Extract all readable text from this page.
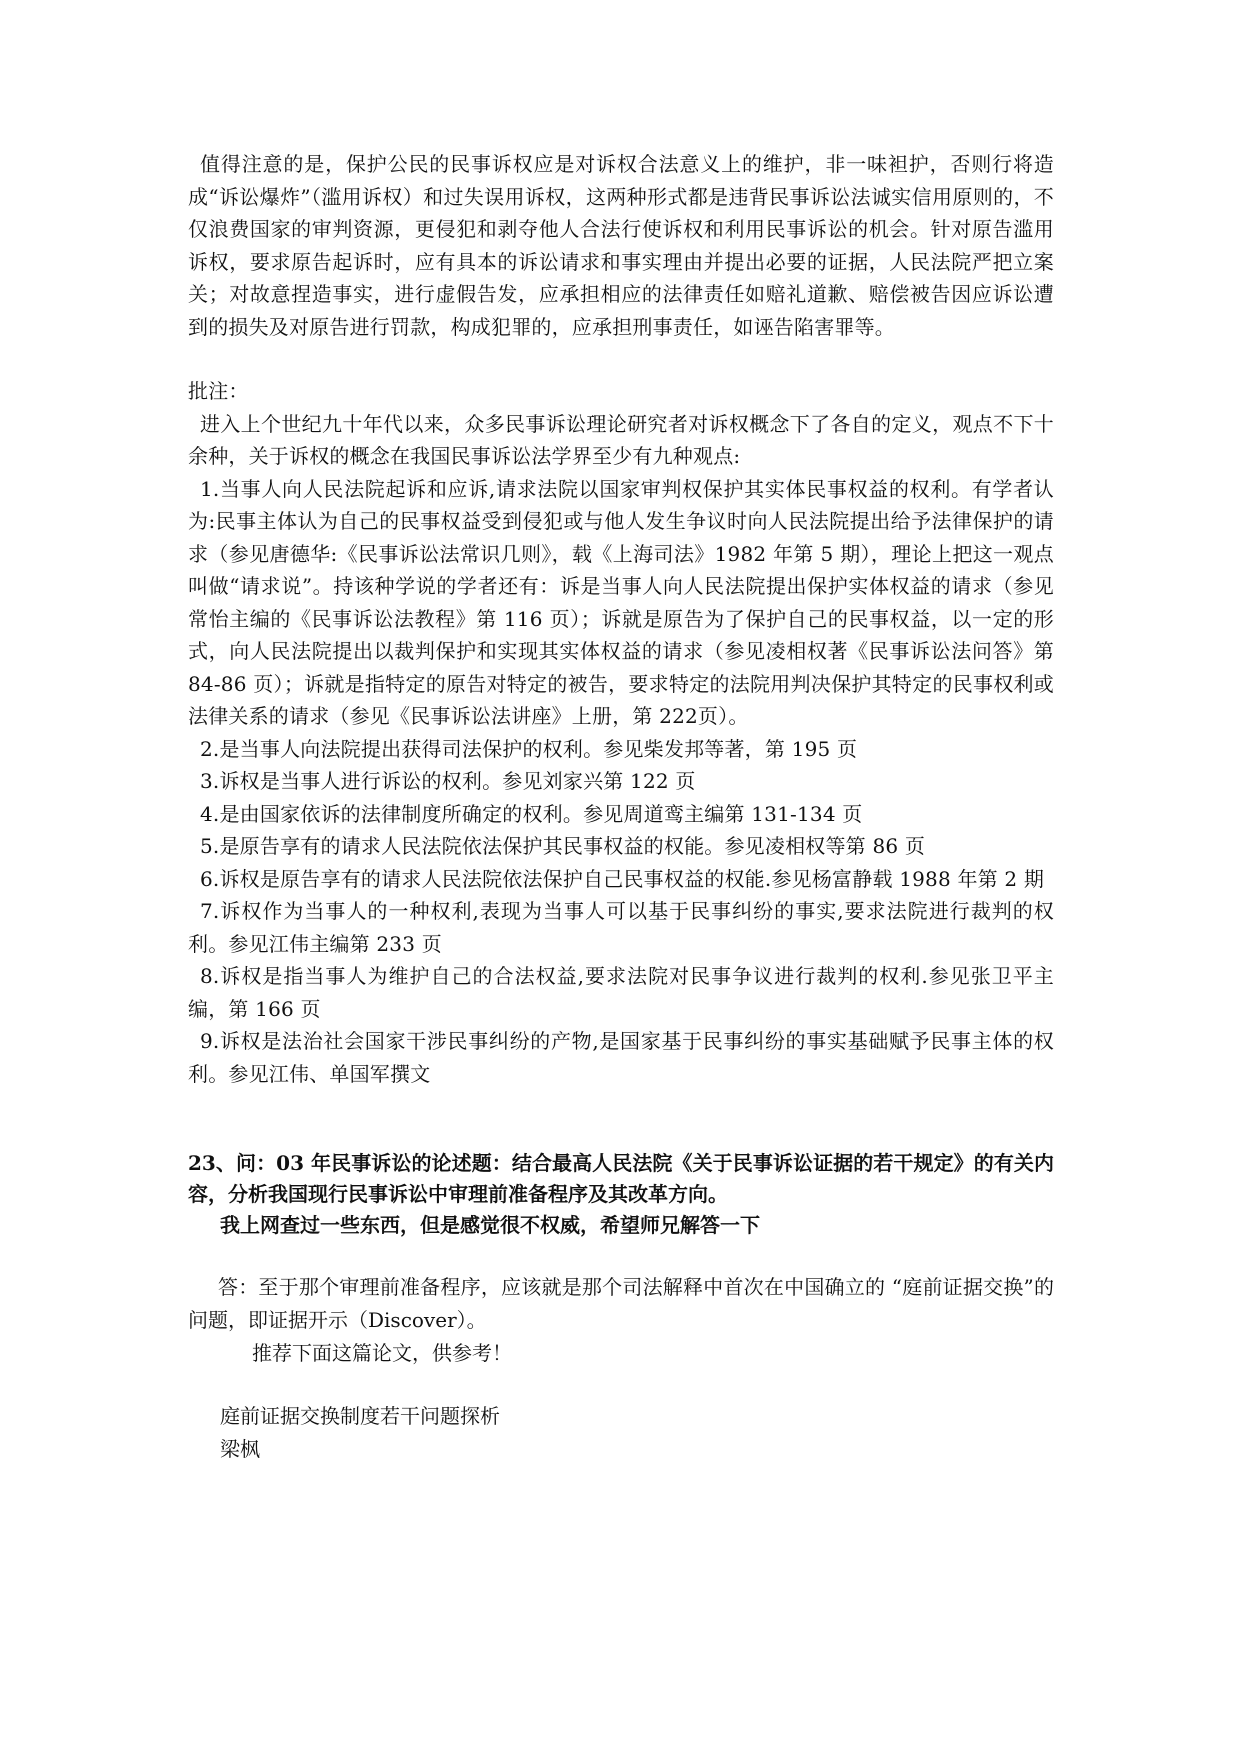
值得注意的是，保护公民的民事诉权应是对诉权合法意义上的维护，非一味袒护，否则行将造成“诉讼爆炸”（滥用诉权）和过失误用诉权，这两种形式都是违背民事诉讼法诚实信用原则的，不仅浪费国家的审判资源，更侵犯和剥夺他人合法行使诉权和利用民事诉讼的机会。针对原告滥用诉权，要求原告起诉时，应有具本的诉讼请求和事实理由并提出必要的证据，人民法院严把立案关；对故意捏造事实，进行虚假告发，应承担相应的法律责任如赔礼道歉、赔偿被告因应诉讼遭到的损失及对原告进行罚款，构成犯罪的，应承担刑事责任，如诬告陷害罪等。

批注：

进入上个世纪九十年代以来，众多民事诉讼理论研究者对诉权概念下了各自的定义，观点不下十余种，关于诉权的概念在我国民事诉讼法学界至少有九种观点:

1.当事人向人民法院起诉和应诉,请求法院以国家审判权保护其实体民事权益的权利。有学者认为:民事主体认为自己的民事权益受到侵犯或与他人发生争议时向人民法院提出给予法律保护的请求（参见唐德华:《民事诉讼法常识几则》，载《上海司法》1982 年第 5 期），理论上把这一观点叫做“请求说”。持该种学说的学者还有：诉是当事人向人民法院提出保护实体权益的请求（参见常怡主编的《民事诉讼法教程》第 116 页）；诉就是原告为了保护自己的民事权益，以一定的形式，向人民法院提出以裁判保护和实现其实体权益的请求（参见凌相权著《民事诉讼法问答》第 84-86 页）；诉就是指特定的原告对特定的被告，要求特定的法院用判决保护其特定的民事权利或法律关系的请求（参见《民事诉讼法讲座》上册，第 222页）。

2.是当事人向法院提出获得司法保护的权利。参见柴发邦等著，第 195 页

3.诉权是当事人进行诉讼的权利。参见刘家兴第 122 页

4.是由国家依诉的法律制度所确定的权利。参见周道鸾主编第 131-134 页

5.是原告享有的请求人民法院依法保护其民事权益的权能。参见凌相权等第 86 页

6.诉权是原告享有的请求人民法院依法保护自己民事权益的权能.参见杨富静载 1988 年第 2 期

7.诉权作为当事人的一种权利,表现为当事人可以基于民事纠纷的事实,要求法院进行裁判的权利。参见江伟主编第 233 页

8.诉权是指当事人为维护自己的合法权益,要求法院对民事争议进行裁判的权利.参见张卫平主编，第 166 页

9.诉权是法治社会国家干涉民事纠纷的产物,是国家基于民事纠纷的事实基础赋予民事主体的权利。参见江伟、单国军撰文

23、问：03 年民事诉讼的论述题：结合最高人民法院《关于民事诉讼证据的若干规定》的有关内容，分析我国现行民事诉讼中审理前准备程序及其改革方向。

我上网查过一些东西，但是感觉很不权威，希望师兄解答一下

答：至于那个审理前准备程序，应该就是那个司法解释中首次在中国确立的 “庭前证据交换”的问题，即证据开示（Discover）。

推荐下面这篇论文，供参考！

庭前证据交换制度若干问题探析

梁枫
